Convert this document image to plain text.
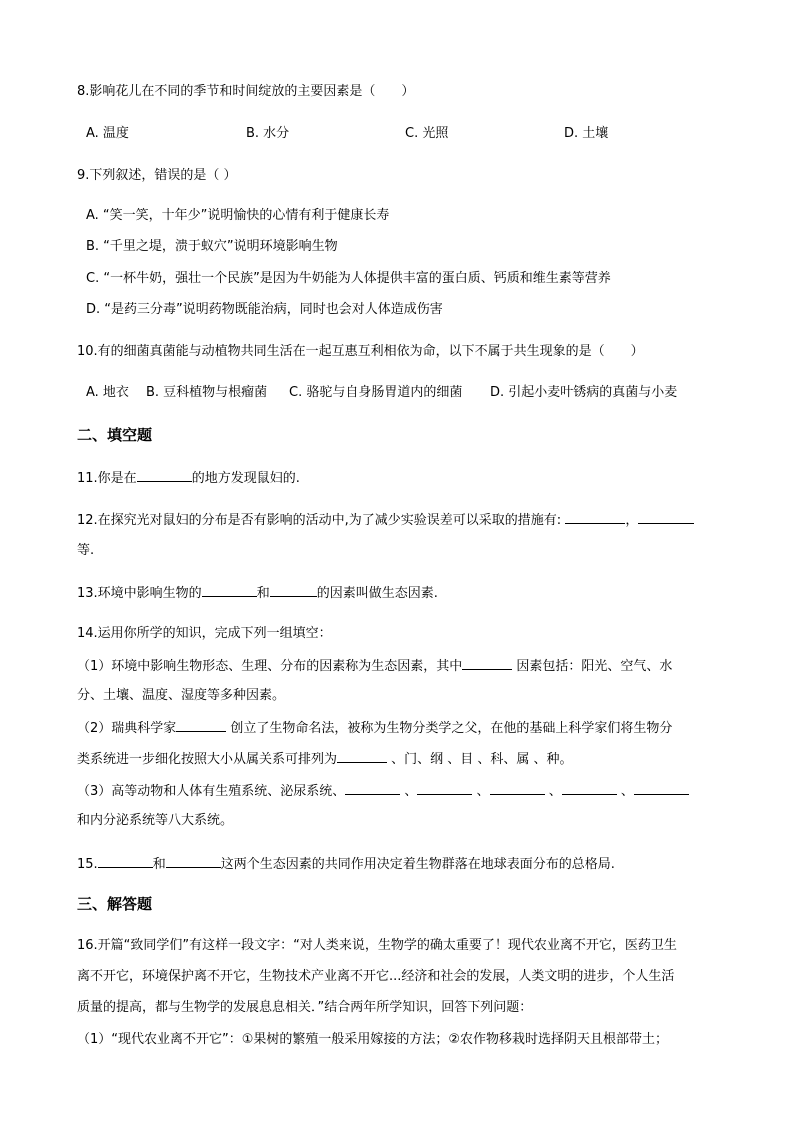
8.影响花儿在不同的季节和时间绽放的主要因素是（　　）
A. 温度	B. 水分	C. 光照	D. 土壤
9.下列叙述，错误的是（ ）
A. “笑一笑，十年少”说明愉快的心情有利于健康长寿
B. “千里之堤，溃于蚁穴”说明环境影响生物
C. “一杯牛奶，强壮一个民族”是因为牛奶能为人体提供丰富的蛋白质、钙质和维生素等营养
D. “是药三分毒”说明药物既能治病，同时也会对人体造成伤害
10.有的细菌真菌能与动植物共同生活在一起互惠互利相依为命，以下不属于共生现象的是（　　）
A. 地衣 B. 豆科植物与根瘤菌 C. 骆驼与自身肠胃道内的细菌 D. 引起小麦叶锈病的真菌与小麦
二、填空题
11.你是在	的地方发现鼠妇的.
12.在探究光对鼠妇的分布是否有影响的活动中,为了减少实验误差可以采取的措施有:	，
等.
13.环境中影响生物的	和	的因素叫做生态因素.
14.运用你所学的知识，完成下列一组填空：
（1）环境中影响生物形态、生理、分布的因素称为生态因素，其中	因素包括：阳光、空气、水
分、土壤、温度、湿度等多种因素。
（2）瑞典科学家	创立了生物命名法，被称为生物分类学之父，在他的基础上科学家们将生物分
类系统进一步细化按照大小从属关系可排列为	、门、纲 、目 、科、属 、种。
（3）高等动物和人体有生殖系统、泌尿系统、	、	、	、	、
和内分泌系统等八大系统。
15.	和	这两个生态因素的共同作用决定着生物群落在地球表面分布的总格局.
三、解答题
16.开篇“致同学们”有这样一段文字：“对人类来说，生物学的确太重要了！现代农业离不开它，医药卫生
离不开它，环境保护离不开它，生物技术产业离不开它...经济和社会的发展，人类文明的进步，个人生活
质量的提高，都与生物学的发展息息相关．”结合两年所学知识，回答下列问题：
（1）“现代农业离不开它”：①果树的繁殖一般采用嫁接的方法；②农作物移栽时选择阴天且根部带土；
